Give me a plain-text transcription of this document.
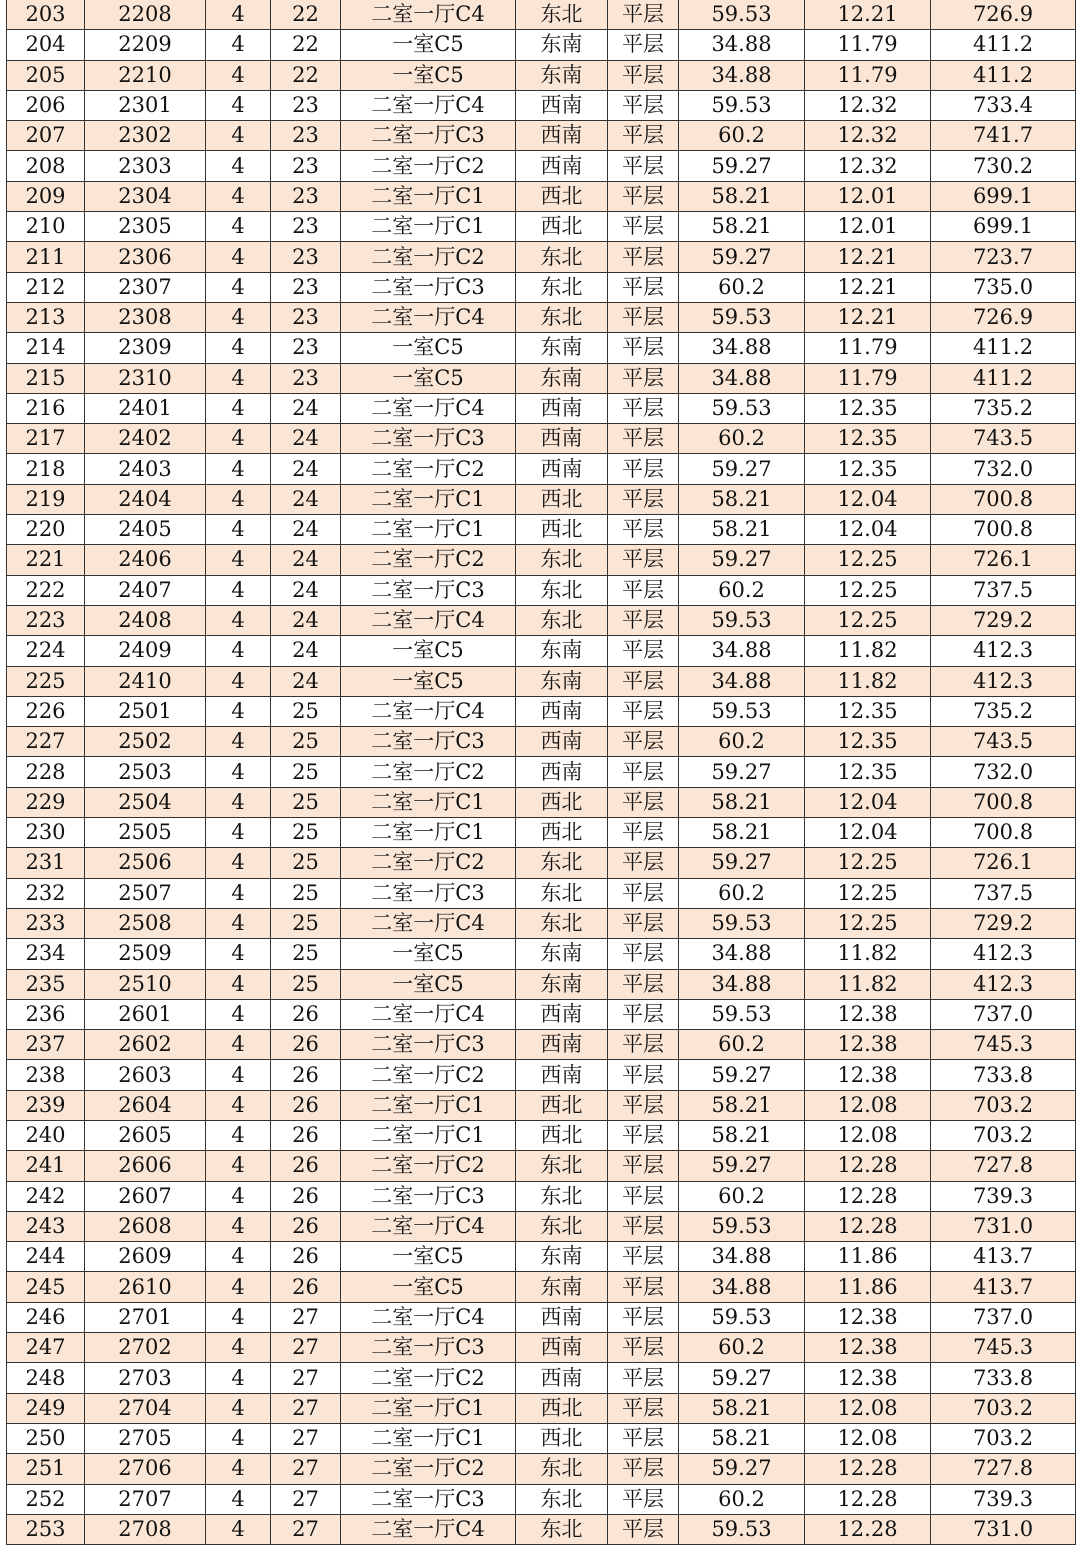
203	2208	4	22	二室一厅C4	东北	平层	59.53	12.21	726.9
204	2209	4	22	一室C5	东南	平层	34.88	11.79	411.2
205	2210	4	22	一室C5	东南	平层	34.88	11.79	411.2
206	2301	4	23	二室一厅C4	西南	平层	59.53	12.32	733.4
207	2302	4	23	二室一厅C3	西南	平层	60.2	12.32	741.7
208	2303	4	23	二室一厅C2	西南	平层	59.27	12.32	730.2
209	2304	4	23	二室一厅C1	西北	平层	58.21	12.01	699.1
210	2305	4	23	二室一厅C1	西北	平层	58.21	12.01	699.1
211	2306	4	23	二室一厅C2	东北	平层	59.27	12.21	723.7
212	2307	4	23	二室一厅C3	东北	平层	60.2	12.21	735.0
213	2308	4	23	二室一厅C4	东北	平层	59.53	12.21	726.9
214	2309	4	23	一室C5	东南	平层	34.88	11.79	411.2
215	2310	4	23	一室C5	东南	平层	34.88	11.79	411.2
216	2401	4	24	二室一厅C4	西南	平层	59.53	12.35	735.2
217	2402	4	24	二室一厅C3	西南	平层	60.2	12.35	743.5
218	2403	4	24	二室一厅C2	西南	平层	59.27	12.35	732.0
219	2404	4	24	二室一厅C1	西北	平层	58.21	12.04	700.8
220	2405	4	24	二室一厅C1	西北	平层	58.21	12.04	700.8
221	2406	4	24	二室一厅C2	东北	平层	59.27	12.25	726.1
222	2407	4	24	二室一厅C3	东北	平层	60.2	12.25	737.5
223	2408	4	24	二室一厅C4	东北	平层	59.53	12.25	729.2
224	2409	4	24	一室C5	东南	平层	34.88	11.82	412.3
225	2410	4	24	一室C5	东南	平层	34.88	11.82	412.3
226	2501	4	25	二室一厅C4	西南	平层	59.53	12.35	735.2
227	2502	4	25	二室一厅C3	西南	平层	60.2	12.35	743.5
228	2503	4	25	二室一厅C2	西南	平层	59.27	12.35	732.0
229	2504	4	25	二室一厅C1	西北	平层	58.21	12.04	700.8
230	2505	4	25	二室一厅C1	西北	平层	58.21	12.04	700.8
231	2506	4	25	二室一厅C2	东北	平层	59.27	12.25	726.1
232	2507	4	25	二室一厅C3	东北	平层	60.2	12.25	737.5
233	2508	4	25	二室一厅C4	东北	平层	59.53	12.25	729.2
234	2509	4	25	一室C5	东南	平层	34.88	11.82	412.3
235	2510	4	25	一室C5	东南	平层	34.88	11.82	412.3
236	2601	4	26	二室一厅C4	西南	平层	59.53	12.38	737.0
237	2602	4	26	二室一厅C3	西南	平层	60.2	12.38	745.3
238	2603	4	26	二室一厅C2	西南	平层	59.27	12.38	733.8
239	2604	4	26	二室一厅C1	西北	平层	58.21	12.08	703.2
240	2605	4	26	二室一厅C1	西北	平层	58.21	12.08	703.2
241	2606	4	26	二室一厅C2	东北	平层	59.27	12.28	727.8
242	2607	4	26	二室一厅C3	东北	平层	60.2	12.28	739.3
243	2608	4	26	二室一厅C4	东北	平层	59.53	12.28	731.0
244	2609	4	26	一室C5	东南	平层	34.88	11.86	413.7
245	2610	4	26	一室C5	东南	平层	34.88	11.86	413.7
246	2701	4	27	二室一厅C4	西南	平层	59.53	12.38	737.0
247	2702	4	27	二室一厅C3	西南	平层	60.2	12.38	745.3
248	2703	4	27	二室一厅C2	西南	平层	59.27	12.38	733.8
249	2704	4	27	二室一厅C1	西北	平层	58.21	12.08	703.2
250	2705	4	27	二室一厅C1	西北	平层	58.21	12.08	703.2
251	2706	4	27	二室一厅C2	东北	平层	59.27	12.28	727.8
252	2707	4	27	二室一厅C3	东北	平层	60.2	12.28	739.3
253	2708	4	27	二室一厅C4	东北	平层	59.53	12.28	731.0
